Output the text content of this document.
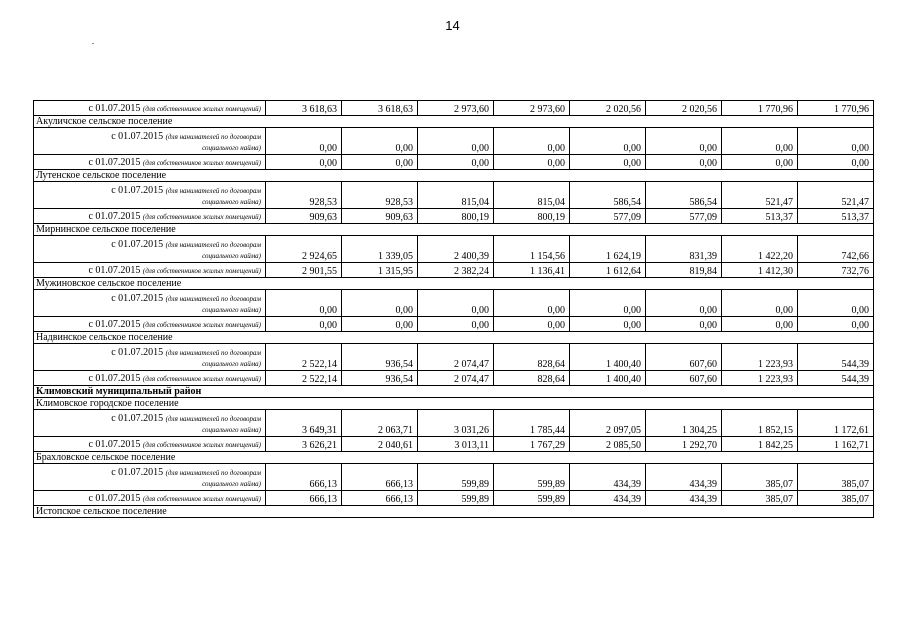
14
с 01.07.2015 (для собственников жилых помещений)	3 618,63	3 618,63	2 973,60	2 973,60	2 020,56	2 020,56	1 770,96	1 770,96
Акуличское сельское поселение								

с 01.07.2015 (для нанимателей по договорам
социального найма)	0,00	0,00	0,00	0,00	0,00	0,00	0,00	0,00
с 01.07.2015 (для собственников жилых помещений)	0,00	0,00	0,00	0,00	0,00	0,00	0,00	0,00
Лутенское сельское поселение								

с 01.07.2015 (для нанимателей по договорам
социального найма)	928,53	928,53	815,04	815,04	586,54	586,54	521,47	521,47
с 01.07.2015 (для собственников жилых помещений)	909,63	909,63	800,19	800,19	577,09	577,09	513,37	513,37
Мирнинское сельское поселение								

с 01.07.2015 (для нанимателей по договорам
социального найма)	2 924,65	1 339,05	2 400,39	1 154,56	1 624,19	831,39	1 422,20	742,66
с 01.07.2015 (для собственников жилых помещений)	2 901,55	1 315,95	2 382,24	1 136,41	1 612,64	819,84	1 412,30	732,76
Мужиновское сельское поселение								

с 01.07.2015 (для нанимателей по договорам
социального найма)	0,00	0,00	0,00	0,00	0,00	0,00	0,00	0,00
с 01.07.2015 (для собственников жилых помещений)	0,00	0,00	0,00	0,00	0,00	0,00	0,00	0,00
Надвинское сельское поселение								

с 01.07.2015 (для нанимателей по договорам
социального найма)	2 522,14	936,54	2 074,47	828,64	1 400,40	607,60	1 223,93	544,39
с 01.07.2015 (для собственников жилых помещений)	2 522,14	936,54	2 074,47	828,64	1 400,40	607,60	1 223,93	544,39
Климовский муниципальный район								
Климовское городское поселение								

с 01.07.2015 (для нанимателей по договорам
социального найма)	3 649,31	2 063,71	3 031,26	1 785,44	2 097,05	1 304,25	1 852,15	1 172,61
с 01.07.2015 (для собственников жилых помещений)	3 626,21	2 040,61	3 013,11	1 767,29	2 085,50	1 292,70	1 842,25	1 162,71
Брахловское сельское поселение								

с 01.07.2015 (для нанимателей по договорам
социального найма)	666,13	666,13	599,89	599,89	434,39	434,39	385,07	385,07
с 01.07.2015 (для собственников жилых помещений)	666,13	666,13	599,89	599,89	434,39	434,39	385,07	385,07
Истопское сельское поселение								
